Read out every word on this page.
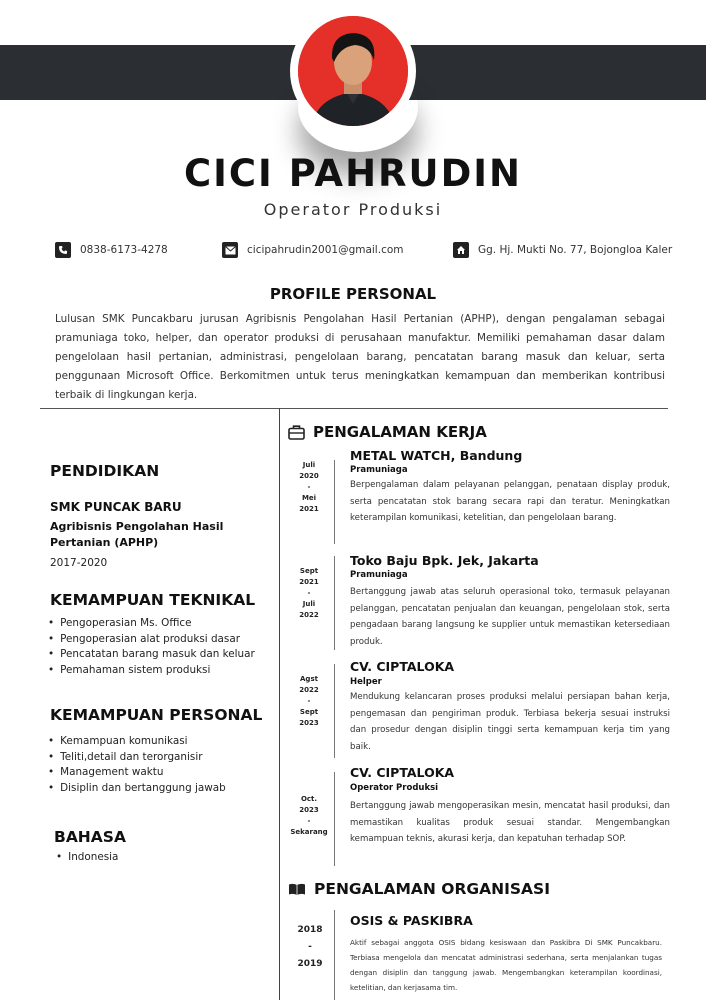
CICI PAHRUDIN
Operator Produksi
0838-6173-4278	cicipahrudin2001@gmail.com	Gg. Hj. Mukti No. 77, Bojongloa Kaler
PROFILE PERSONAL
Lulusan SMK Puncakbaru jurusan Agribisnis Pengolahan Hasil Pertanian (APHP), dengan pengalaman sebagai pramuniaga toko, helper, dan operator produksi di perusahaan manufaktur. Memiliki pemahaman dasar dalam pengelolaan hasil pertanian, administrasi, pengelolaan barang, pencatatan barang masuk dan keluar, serta penggunaan Microsoft Office. Berkomitmen untuk terus meningkatkan kemampuan dan memberikan kontribusi terbaik di lingkungan kerja.
PENDIDIKAN
SMK PUNCAK BARU
Agribisnis Pengolahan Hasil
Pertanian (APHP)
2017-2020
KEMAMPUAN TEKNIKAL
• Pengoperasian Ms. Office
• Pengoperasian alat produksi dasar
• Pencatatan barang masuk dan keluar
• Pemahaman sistem produksi
KEMAMPUAN PERSONAL
• Kemampuan komunikasi
• Teliti,detail dan terorganisir
• Management waktu
• Disiplin dan bertanggung jawab
BAHASA
• Indonesia
PENGALAMAN KERJA
Juli
2020
-
Mei
2021
METAL WATCH, Bandung
Pramuniaga
Berpengalaman dalam pelayanan pelanggan, penataan display produk, serta pencatatan stok barang secara rapi dan teratur. Meningkatkan keterampilan komunikasi, ketelitian, dan pengelolaan barang.
Sept
2021
-
Juli
2022
Toko Baju Bpk. Jek, Jakarta
Pramuniaga
Bertanggung jawab atas seluruh operasional toko, termasuk pelayanan pelanggan, pencatatan penjualan dan keuangan, pengelolaan stok, serta pengadaan barang langsung ke supplier untuk memastikan ketersediaan produk.
Agst
2022
-
Sept
2023
CV. CIPTALOKA
Helper
Mendukung kelancaran proses produksi melalui persiapan bahan kerja, pengemasan dan pengiriman produk. Terbiasa bekerja sesuai instruksi dan prosedur dengan disiplin tinggi serta kemampuan kerja tim yang baik.
Oct.
2023
-
Sekarang
CV. CIPTALOKA
Operator Produksi
Bertanggung jawab mengoperasikan mesin, mencatat hasil produksi, dan memastikan kualitas produk sesuai standar. Mengembangkan kemampuan teknis, akurasi kerja, dan kepatuhan terhadap SOP.
PENGALAMAN ORGANISASI
2018
-
2019
OSIS & PASKIBRA
Aktif sebagai anggota OSIS bidang kesiswaan dan Paskibra Di SMK Puncakbaru. Terbiasa mengelola dan mencatat administrasi sederhana, serta menjalankan tugas dengan disiplin dan tanggung jawab. Mengembangkan keterampilan koordinasi, ketelitian, dan kerjasama tim.
